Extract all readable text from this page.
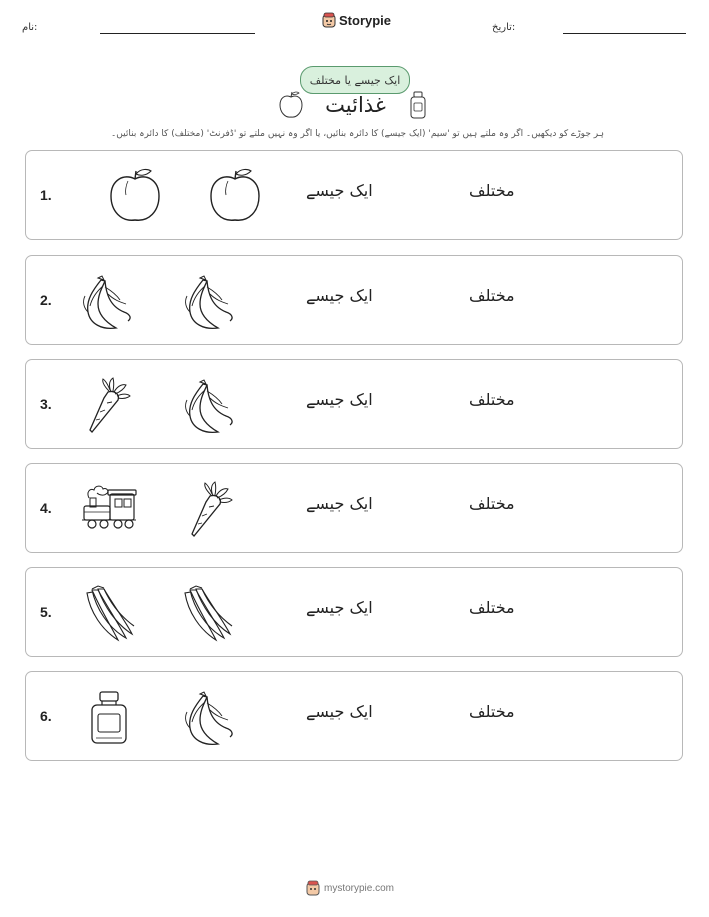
نام:	Storypie	تاریخ:
ایک جیسے یا مختلف
غذائیت
ہر جوڑے کو دیکھیں۔ اگر وہ ملتے ہیں تو 'سیم' (ایک جیسے) کا دائرہ بنائیں، یا اگر وہ نہیں ملتے تو 'ڈفرنٹ' (مختلف) کا دائرہ بنائیں۔
1.	ایک جیسے	مختلف
2.	ایک جیسے	مختلف
3.	ایک جیسے	مختلف
4.	ایک جیسے	مختلف
5.	ایک جیسے	مختلف
6.	ایک جیسے	مختلف
mystorypie.com
